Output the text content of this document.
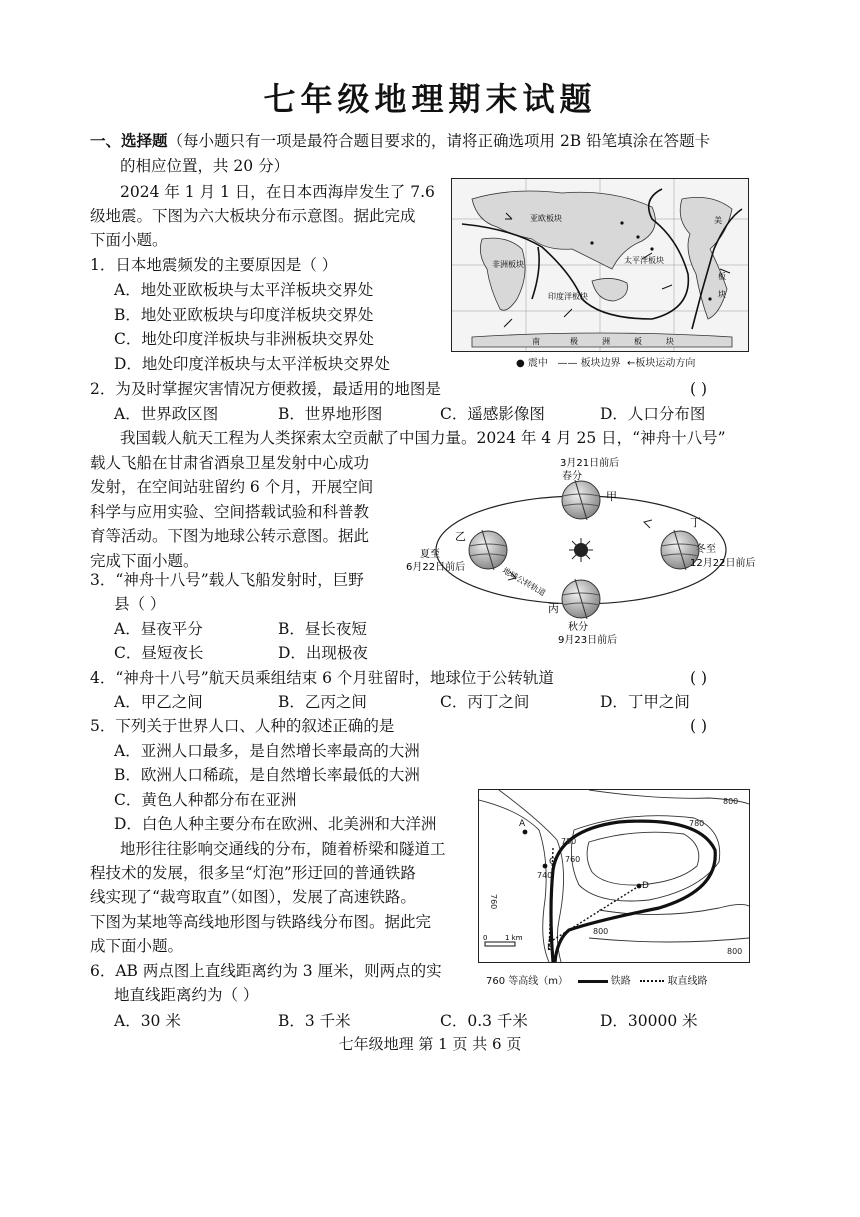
七年级地理期末试题
一、选择题（每小题只有一项是最符合题目要求的，请将正确选项用 2B 铅笔填涂在答题卡
的相应位置，共 20 分）
2024 年 1 月 1 日，在日本西海岸发生了 7.6
级地震。下图为六大板块分布示意图。据此完成
下面小题。
1．日本地震频发的主要原因是（ ）
A．地处亚欧板块与太平洋板块交界处
B．地处亚欧板块与印度洋板块交界处
C．地处印度洋板块与非洲板块交界处
D．地处印度洋板块与太平洋板块交界处
亚欧板块
非洲板块
印度洋板块
太平洋板块
美
板
块
南	极	洲	板	块
● 震中 —— 板块边界 ←板块运动方向
2．为及时掌握灾害情况方便救援，最适用的地图是	( )
A．世界政区图	B．世界地形图	C．遥感影像图	D．人口分布图
我国载人航天工程为人类探索太空贡献了中国力量。2024 年 4 月 25 日，“神舟十八号”
载人飞船在甘肃省酒泉卫星发射中心成功
发射，在空间站驻留约 6 个月，开展空间
科学与应用实验、空间搭载试验和科普教
育等活动。下图为地球公转示意图。据此
完成下面小题。
3月21日前后
春分
甲
乙
夏至
6月22日前后
丁
冬至
12月22日前后
丙
秋分
9月23日前后
地球公转轨道
3．“神舟十八号”载人飞船发射时，巨野
县（ ）
A．昼夜平分	B．昼长夜短
C．昼短夜长	D．出现极夜
4．“神舟十八号”航天员乘组结束 6 个月驻留时，地球位于公转轨道	( )
A．甲乙之间	B．乙丙之间	C．丙丁之间	D．丁甲之间
5．下列关于世界人口、人种的叙述正确的是	( )
A．亚洲人口最多，是自然增长率最高的大洲
B．欧洲人口稀疏，是自然增长率最低的大洲
C．黄色人种都分布在亚洲
D．白色人种主要分布在欧洲、北美洲和大洋洲
地形往往影响交通线的分布，随着桥梁和隧道工
程技术的发展，很多呈“灯泡”形迂回的普通铁路
线实现了“裁弯取直”（如图），发展了高速铁路。
下图为某地等高线地形图与铁路线分布图。据此完
成下面小题。
A
B
C
D
800
780
760
740
780
760
800
800
0	1 km
760 等高线（m）	铁路	取直线路
6．AB 两点图上直线距离约为 3 厘米，则两点的实
地直线距离约为（ ）
A．30 米	B．3 千米	C．0.3 千米	D．30000 米
七年级地理 第 1 页 共 6 页
